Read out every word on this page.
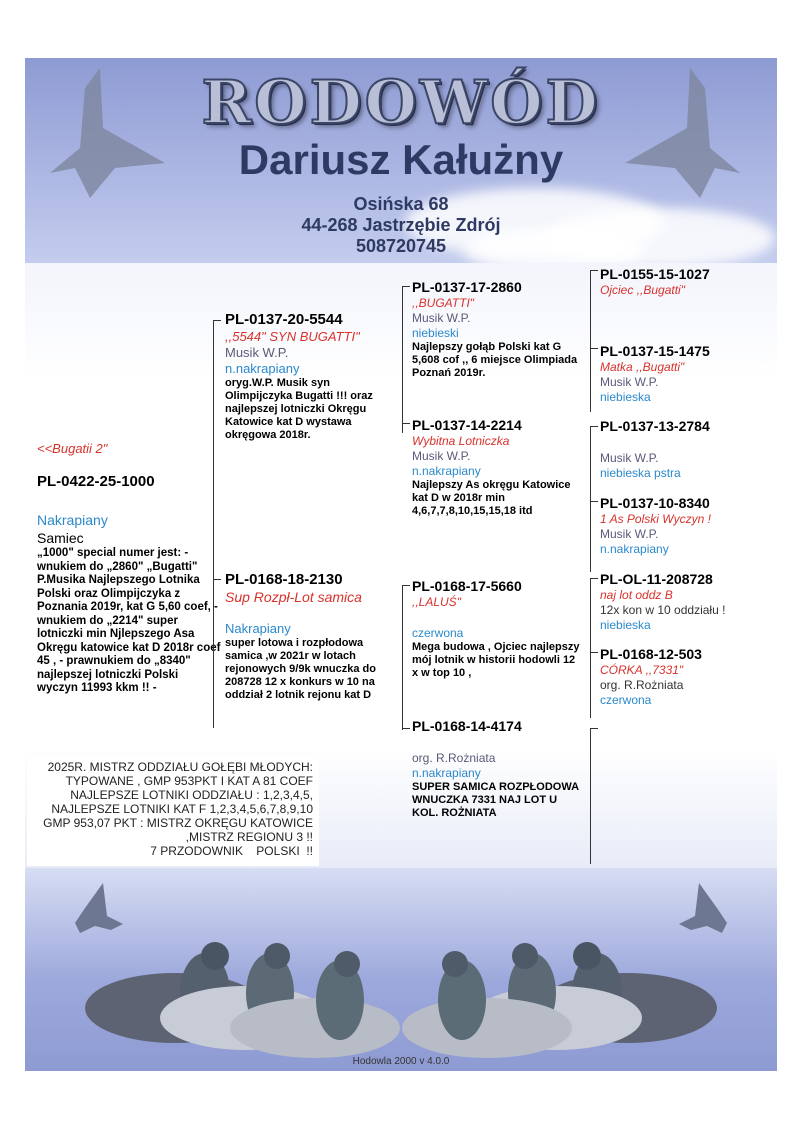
RODOWÓD
Dariusz Kałużny
Osińska 68
44-268 Jastrzębie Zdrój
508720745
<<Bugatii 2"
PL-0422-25-1000
Nakrapiany
Samiec
„1000" special numer jest: - wnukiem do „2860" „Bugatti" P.Musika Najlepszego Lotnika Polski oraz Olimpijczyka z Poznania 2019r, kat G 5,60 coef, - wnukiem do „2214" super lotniczki min Njlepszego Asa Okręgu katowice kat D 2018r coef 45 , - prawnukiem do „8340" najlepszej lotniczki Polski wyczyn 11993 kkm !! -
PL-0137-20-5544
,,5544" SYN BUGATTI"
Musik W.P.
n.nakrapiany
oryg.W.P. Musik syn Olimpijczyka Bugatti !!! oraz najlepszej lotniczki Okręgu Katowice kat D wystawa okręgowa 2018r.
PL-0168-18-2130
Sup Rozpł-Lot samica
Nakrapiany
super lotowa i rozpłodowa samica ,w 2021r w lotach rejonowych 9/9k wnuczka do 208728 12 x konkurs w 10 na oddział 2 lotnik rejonu kat D
PL-0137-17-2860
,,BUGATTI"
Musik W.P.
niebieski
Najlepszy gołąb Polski kat G 5,608 cof ,, 6 miejsce Olimpiada Poznań 2019r.
PL-0137-14-2214
Wybitna Lotniczka
Musik W.P.
n.nakrapiany
Najlepszy As okręgu Katowice kat D w 2018r min 4,6,7,7,8,10,15,15,18 itd
PL-0168-17-5660
,,LALUŚ"
czerwona
Mega budowa , Ojciec najlepszy mój lotnik w historii hodowli 12 x w top 10 ,
PL-0168-14-4174
org. R.Rożniata
n.nakrapiany
SUPER SAMICA ROZPŁODOWA WNUCZKA 7331 NAJ LOT U KOL. ROŻNIATA
PL-0155-15-1027
Ojciec ,,Bugatti"
PL-0137-15-1475
Matka ,,Bugatti"
Musik W.P.
niebieska
PL-0137-13-2784
Musik W.P.
niebieska pstra
PL-0137-10-8340
1 As Polski Wyczyn !
Musik W.P.
n.nakrapiany
PL-OL-11-208728
naj lot oddz B
12x kon w 10 oddziału !
niebieska
PL-0168-12-503
CÓRKA ,,7331"
org. R.Rożniata
czerwona
2025R. MISTRZ ODDZIAŁU GOŁĘBI MŁODYCH:
TYPOWANE , GMP 953PKT I KAT A 81 COEF
NAJLEPSZE LOTNIKI ODDZIAŁU : 1,2,3,4,5,
NAJLEPSZE LOTNIKI KAT F 1,2,3,4,5,6,7,8,9,10
GMP 953,07 PKT : MISTRZ OKRĘGU KATOWICE
,MISTRZ REGIONU 3 !!
7 PRZODOWNIK    POLSKI  !!
Hodowla 2000 v 4.0.0
